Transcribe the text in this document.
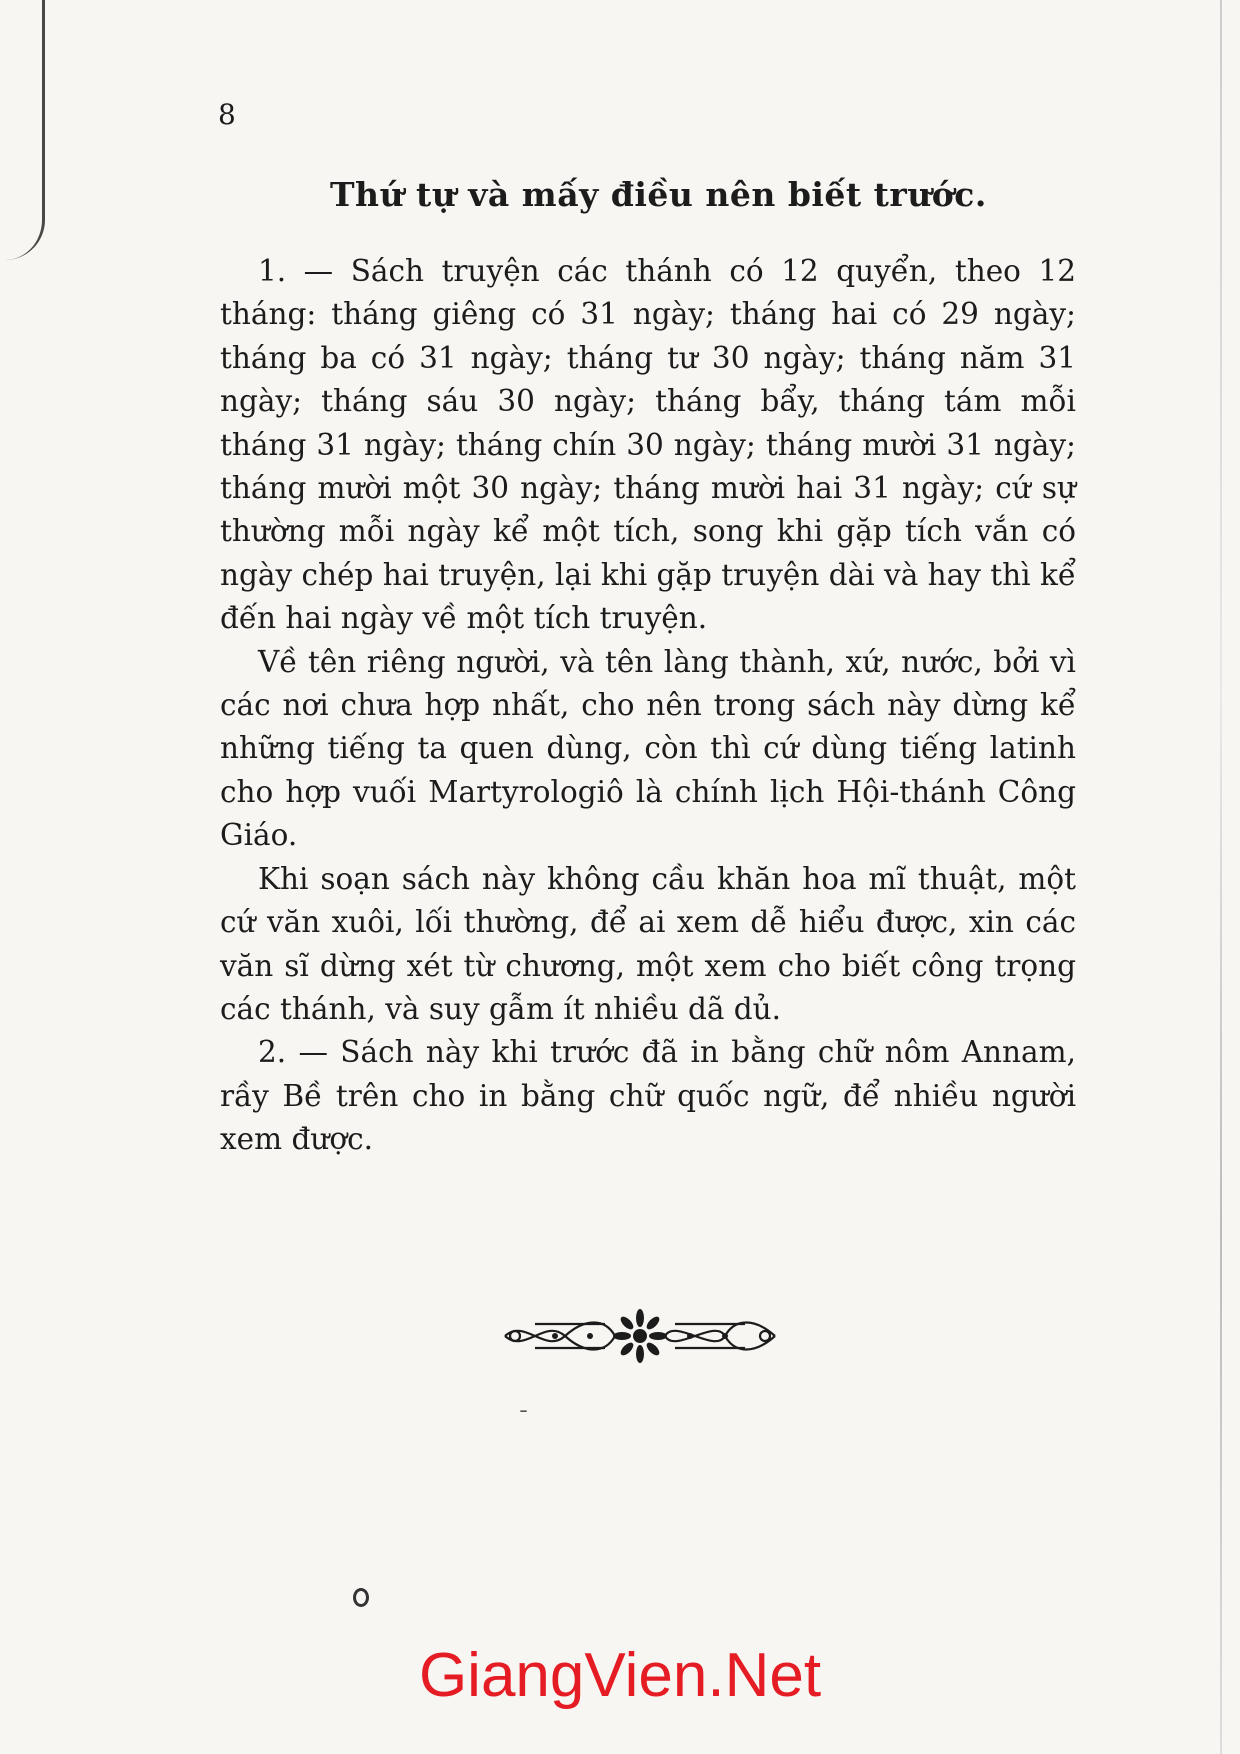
8
Thứ tự và mấy điều nên biết trước.

1. — Sách truyện các thánh có 12 quyển, theo 12 tháng: tháng giêng có 31 ngày; tháng hai có 29 ngày; tháng ba có 31 ngày; tháng tư 30 ngày; tháng năm 31 ngày; tháng sáu 30 ngày; tháng bẩy, tháng tám mỗi tháng 31 ngày; tháng chín 30 ngày; tháng mười 31 ngày; tháng mười một 30 ngày; tháng mười hai 31 ngày; cứ sự thường mỗi ngày kể một tích, song khi gặp tích vắn có ngày chép hai truyện, lại khi gặp truyện dài và hay thì kể đến hai ngày về một tích truyện.

Về tên riêng người, và tên làng thành, xứ, nước, bởi vì các nơi chưa hợp nhất, cho nên trong sách này dừng kể những tiếng ta quen dùng, còn thì cứ dùng tiếng latinh cho hợp vuối Martyrologiô là chính lịch Hội-thánh Công Giáo.

Khi soạn sách này không cầu khăn hoa mĩ thuật, một cứ văn xuôi, lối thường, để ai xem dễ hiểu được, xin các văn sĩ dừng xét từ chương, một xem cho biết công trọng các thánh, và suy gẫm ít nhiều dã dủ.

2. — Sách này khi trước đã in bằng chữ nôm Annam, rầy Bề trên cho in bằng chữ quốc ngữ, để nhiều người xem được.

ˉ
GiangVien.Net
